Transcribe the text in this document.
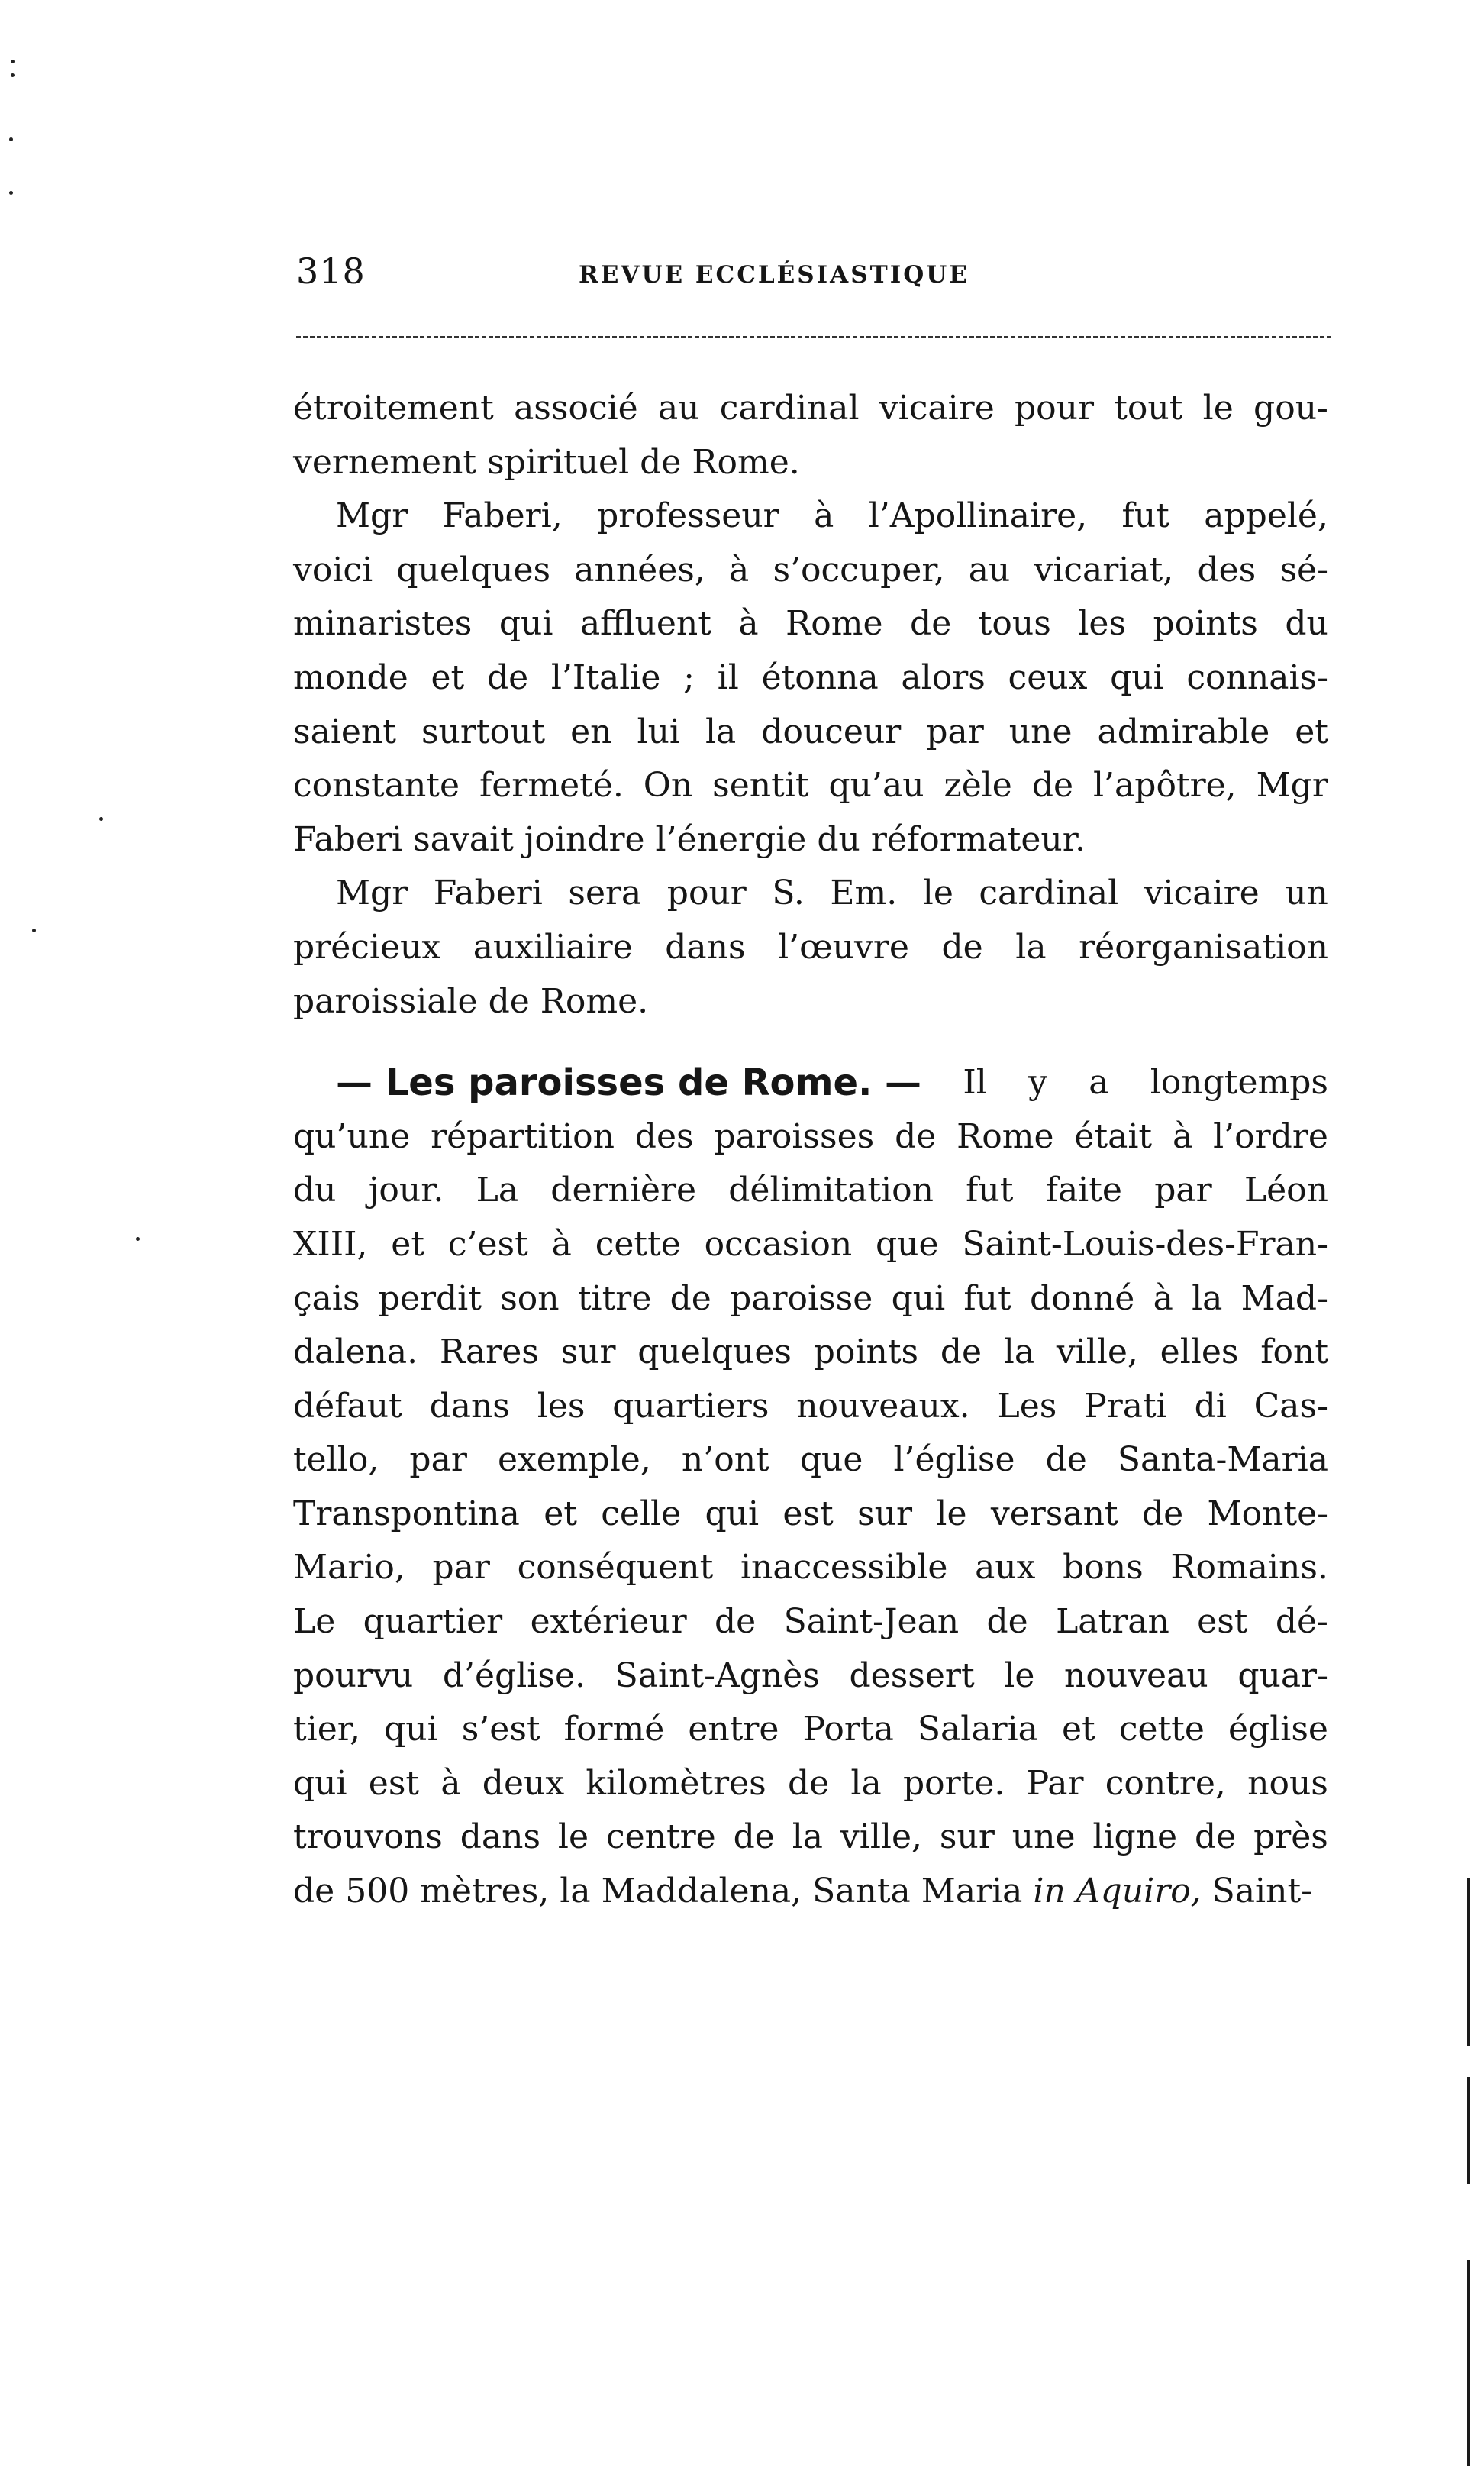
318	REVUE ECCLÉSIASTIQUE
étroitement associé au cardinal vicaire pour tout le gou-
vernement spirituel de Rome.
Mgr Faberi, professeur à l’Apollinaire, fut appelé,
voici quelques années, à s’occuper, au vicariat, des sé-
minaristes qui affluent à Rome de tous les points du
monde et de l’Italie ; il étonna alors ceux qui connais-
saient surtout en lui la douceur par une admirable et
constante fermeté. On sentit qu’au zèle de l’apôtre, Mgr
Faberi savait joindre l’énergie du réformateur.
Mgr Faberi sera pour S. Em. le cardinal vicaire un
précieux auxiliaire dans l’œuvre de la réorganisation
paroissiale de Rome.
— Les paroisses de Rome. — Il y a longtemps
qu’une répartition des paroisses de Rome était à l’ordre
du jour. La dernière délimitation fut faite par Léon
XIII, et c’est à cette occasion que Saint-Louis-des-Fran-
çais perdit son titre de paroisse qui fut donné à la Mad-
dalena. Rares sur quelques points de la ville, elles font
défaut dans les quartiers nouveaux. Les Prati di Cas-
tello, par exemple, n’ont que l’église de Santa-Maria
Transpontina et celle qui est sur le versant de Monte-
Mario, par conséquent inaccessible aux bons Romains.
Le quartier extérieur de Saint-Jean de Latran est dé-
pourvu d’église. Saint-Agnès dessert le nouveau quar-
tier, qui s’est formé entre Porta Salaria et cette église
qui est à deux kilomètres de la porte. Par contre, nous
trouvons dans le centre de la ville, sur une ligne de près
de 500 mètres, la Maddalena, Santa Maria in Aquiro, Saint-
